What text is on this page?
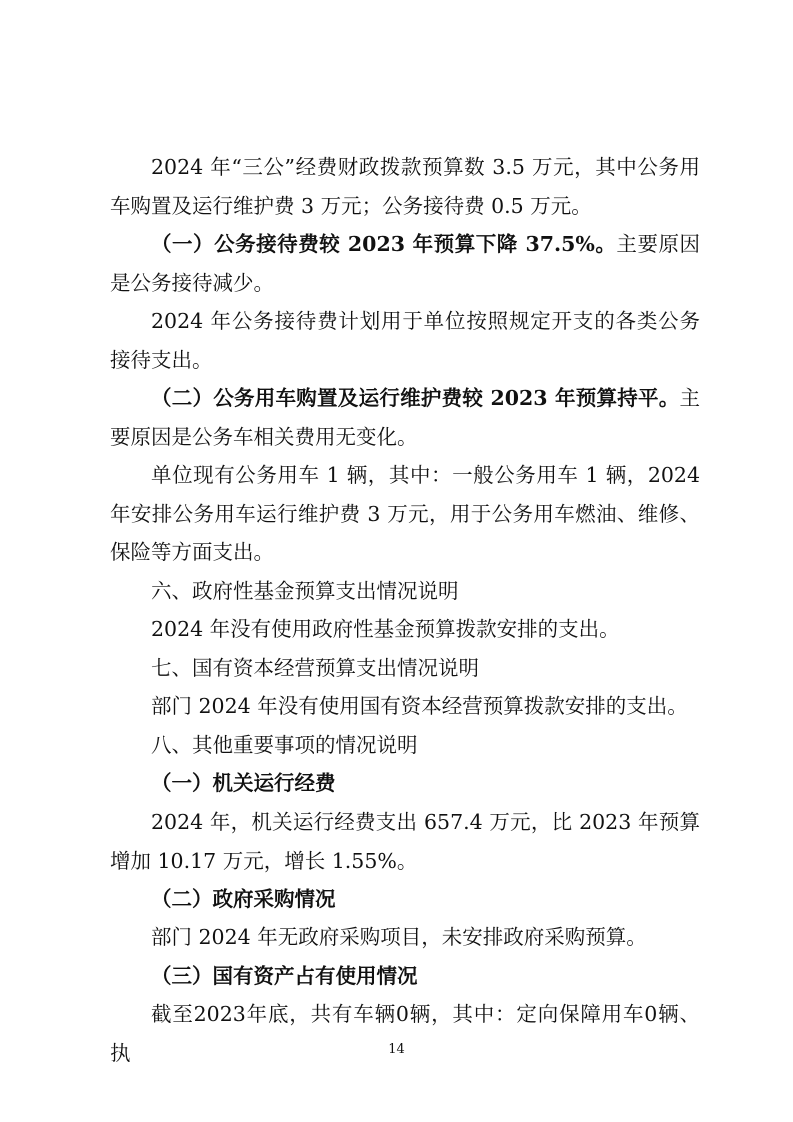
2024 年“三公”经费财政拨款预算数 3.5 万元，其中公务用车购置及运行维护费 3 万元；公务接待费 0.5 万元。

（一）公务接待费较 2023 年预算下降 37.5%。主要原因是公务接待减少。

2024 年公务接待费计划用于单位按照规定开支的各类公务接待支出。

（二）公务用车购置及运行维护费较 2023 年预算持平。主要原因是公务车相关费用无变化。

单位现有公务用车 1 辆，其中：一般公务用车 1 辆，2024 年安排公务用车运行维护费 3 万元，用于公务用车燃油、维修、保险等方面支出。

六、政府性基金预算支出情况说明

2024 年没有使用政府性基金预算拨款安排的支出。

七、国有资本经营预算支出情况说明

部门 2024 年没有使用国有资本经营预算拨款安排的支出。

八、其他重要事项的情况说明

（一）机关运行经费

2024 年，机关运行经费支出 657.4 万元，比 2023 年预算增加 10.17 万元，增长 1.55%。

（二）政府采购情况

部门 2024 年无政府采购项目，未安排政府采购预算。

（三）国有资产占有使用情况

截至2023年底，共有车辆0辆，其中：定向保障用车0辆、执	14
